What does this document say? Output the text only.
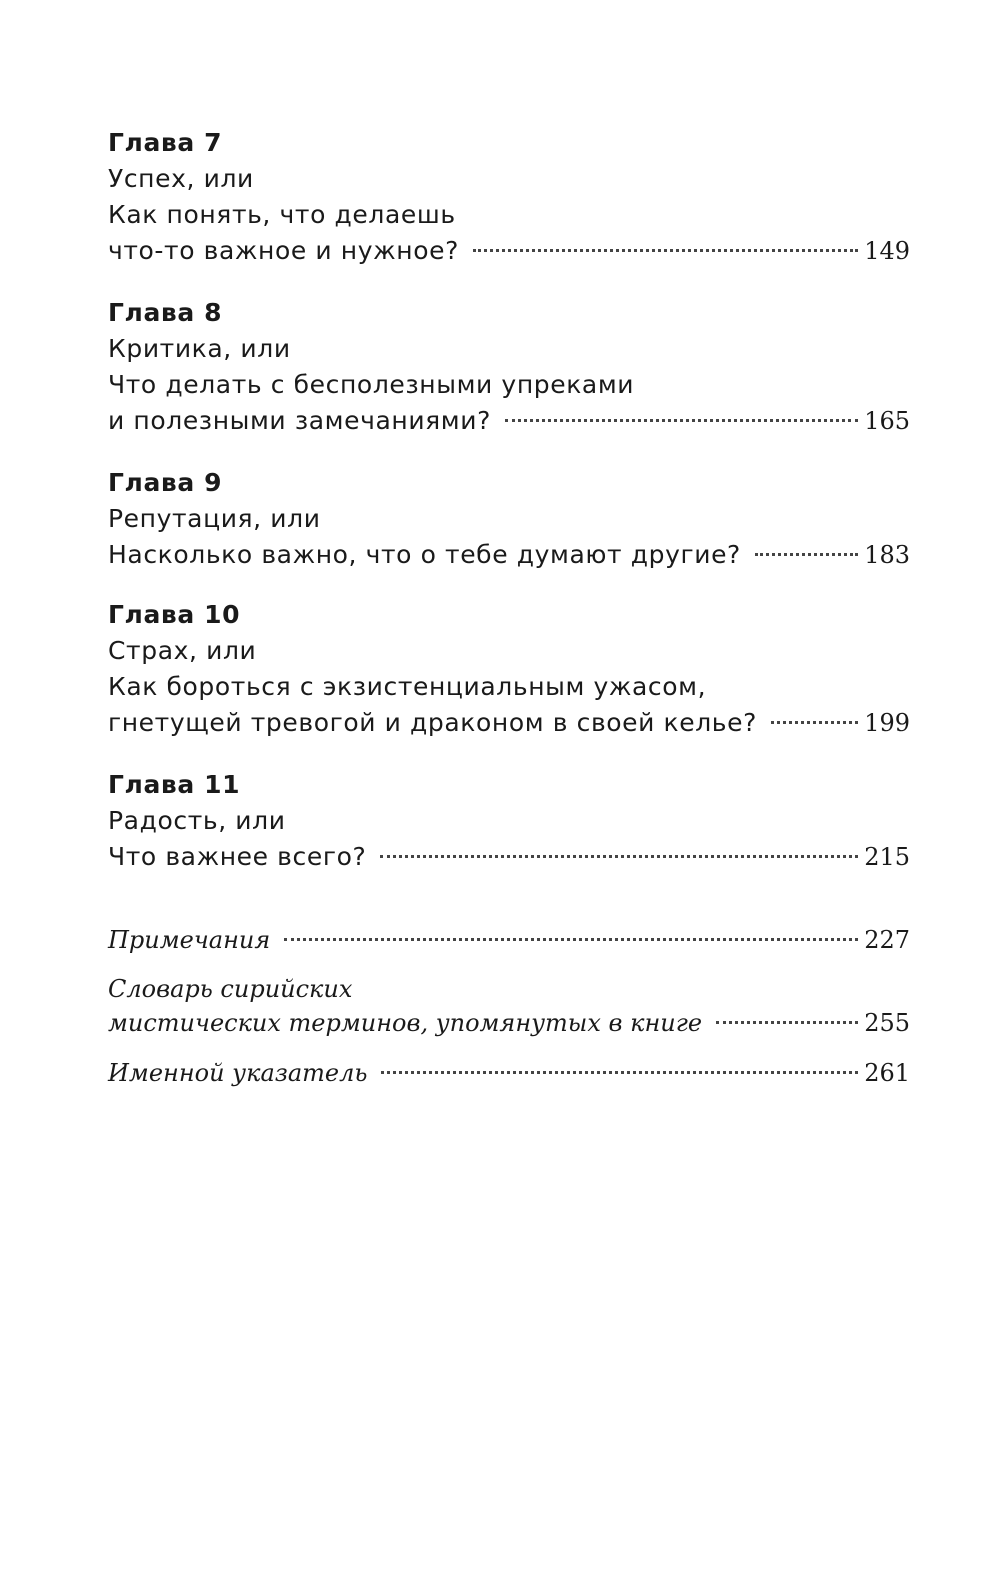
Глава 7
Успех, или
Как понять, что делаешь
что-то важное и нужное?	149
Глава 8
Критика, или
Что делать с бесполезными упреками
и полезными замечаниями?	165
Глава 9
Репутация, или
Насколько важно, что о тебе думают другие?	183
Глава 10
Страх, или
Как бороться с экзистенциальным ужасом,
гнетущей тревогой и драконом в своей келье?	199
Глава 11
Радость, или
Что важнее всего?	215
Примечания	227
Словарь сирийских
мистических терминов, упомянутых в книге	255
Именной указатель	261
